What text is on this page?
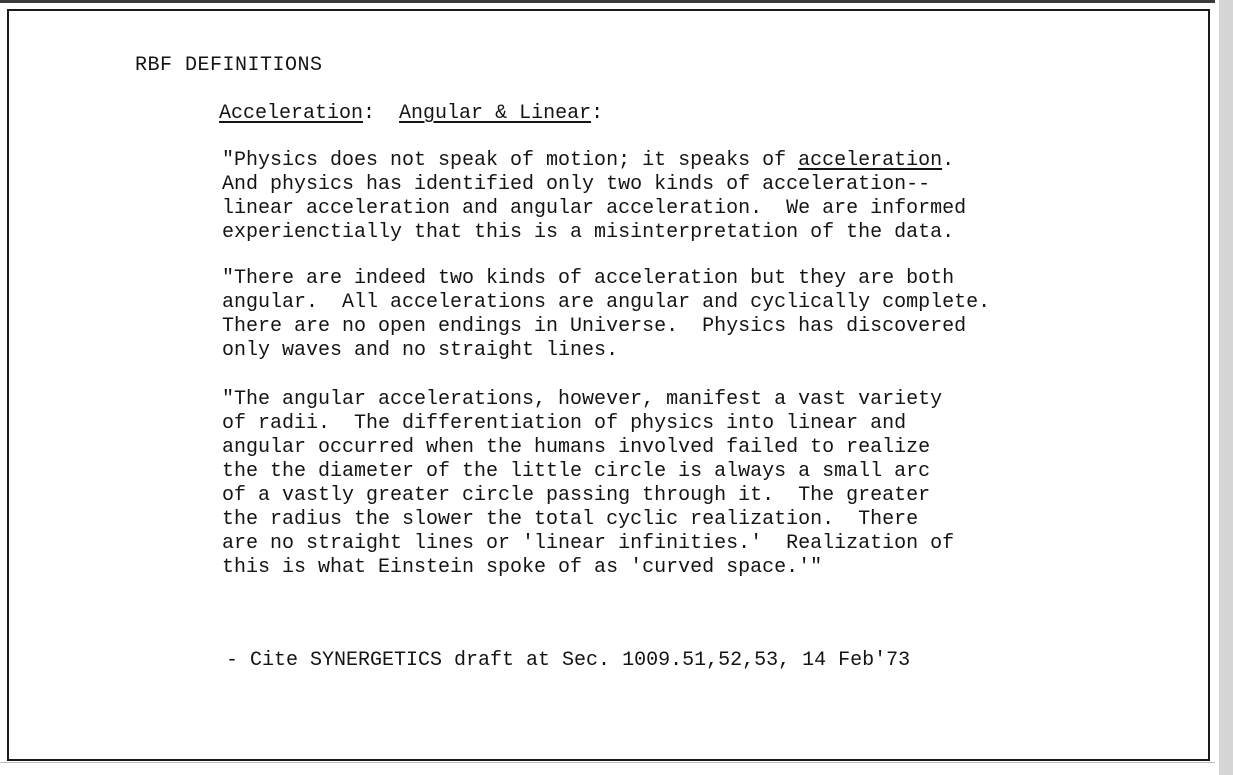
RBF DEFINITIONS
Acceleration:  Angular & Linear:

"Physics does not speak of motion; it speaks of acceleration.
And physics has identified only two kinds of acceleration--
linear acceleration and angular acceleration.  We are informed
experienctially that this is a misinterpretation of the data.

"There are indeed two kinds of acceleration but they are both
angular.  All accelerations are angular and cyclically complete.
There are no open endings in Universe.  Physics has discovered
only waves and no straight lines.

"The angular accelerations, however, manifest a vast variety
of radii.  The differentiation of physics into linear and
angular occurred when the humans involved failed to realize
the the diameter of the little circle is always a small arc
of a vastly greater circle passing through it.  The greater
the radius the slower the total cyclic realization.  There
are no straight lines or 'linear infinities.'  Realization of
this is what Einstein spoke of as 'curved space.'"

- Cite SYNERGETICS draft at Sec. 1009.51,52,53, 14 Feb'73
